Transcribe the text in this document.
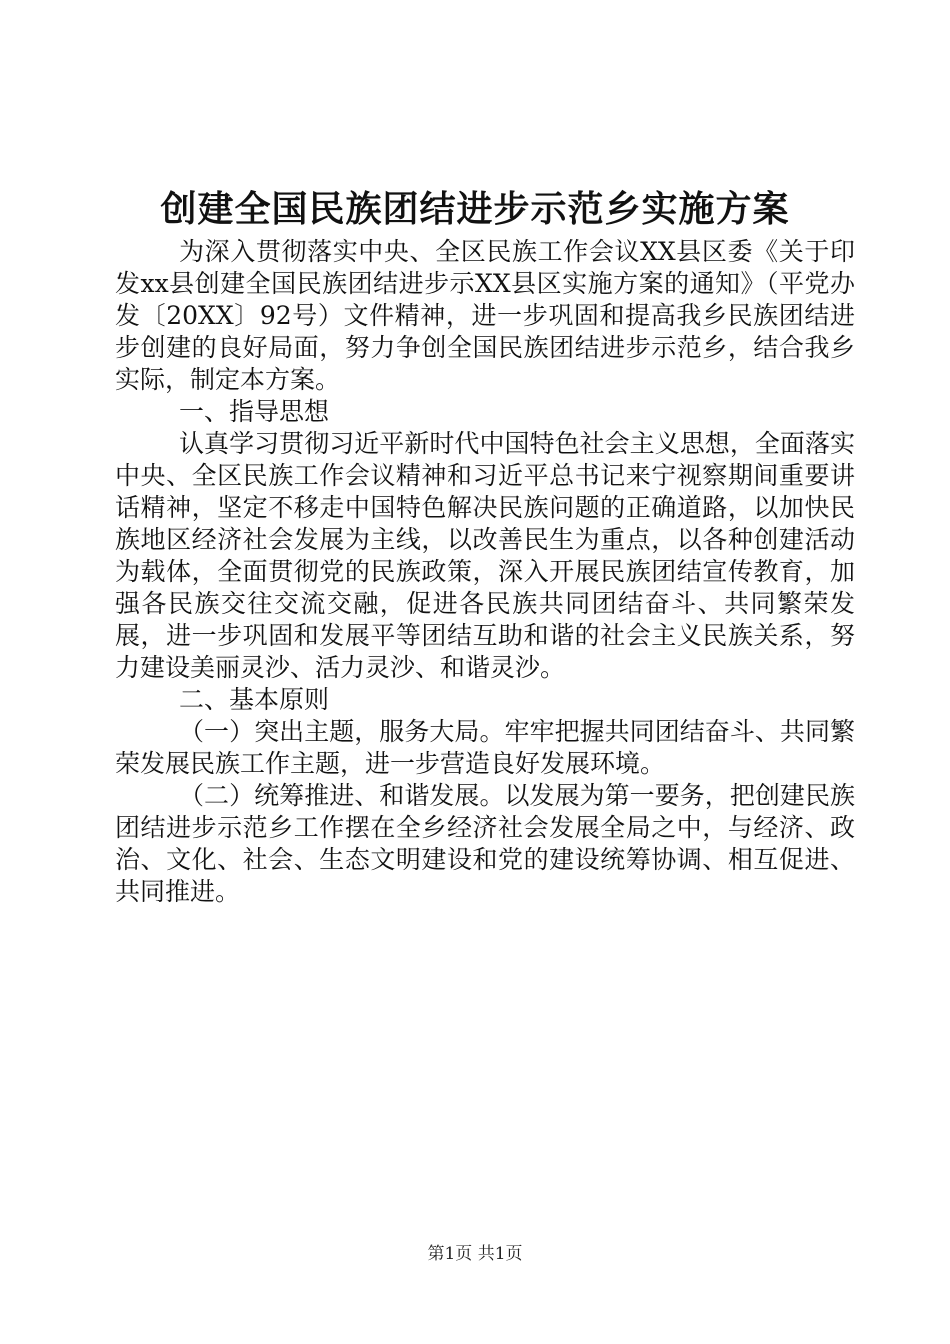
创建全国民族团结进步示范乡实施方案

为深入贯彻落实中央、全区民族工作会议XX县区委《关于印发xx县创建全国民族团结进步示XX县区实施方案的通知》（平党办发〔20XX〕92号）文件精神，进一步巩固和提高我乡民族团结进步创建的良好局面，努力争创全国民族团结进步示范乡，结合我乡实际，制定本方案。

一、指导思想

认真学习贯彻习近平新时代中国特色社会主义思想，全面落实中央、全区民族工作会议精神和习近平总书记来宁视察期间重要讲话精神，坚定不移走中国特色解决民族问题的正确道路，以加快民族地区经济社会发展为主线，以改善民生为重点，以各种创建活动为载体，全面贯彻党的民族政策，深入开展民族团结宣传教育，加强各民族交往交流交融，促进各民族共同团结奋斗、共同繁荣发展，进一步巩固和发展平等团结互助和谐的社会主义民族关系，努力建设美丽灵沙、活力灵沙、和谐灵沙。

二、基本原则

（一）突出主题，服务大局。牢牢把握共同团结奋斗、共同繁荣发展民族工作主题，进一步营造良好发展环境。

（二）统筹推进、和谐发展。以发展为第一要务，把创建民族团结进步示范乡工作摆在全乡经济社会发展全局之中，与经济、政治、文化、社会、生态文明建设和党的建设统筹协调、相互促进、共同推进。

第1页 共1页
